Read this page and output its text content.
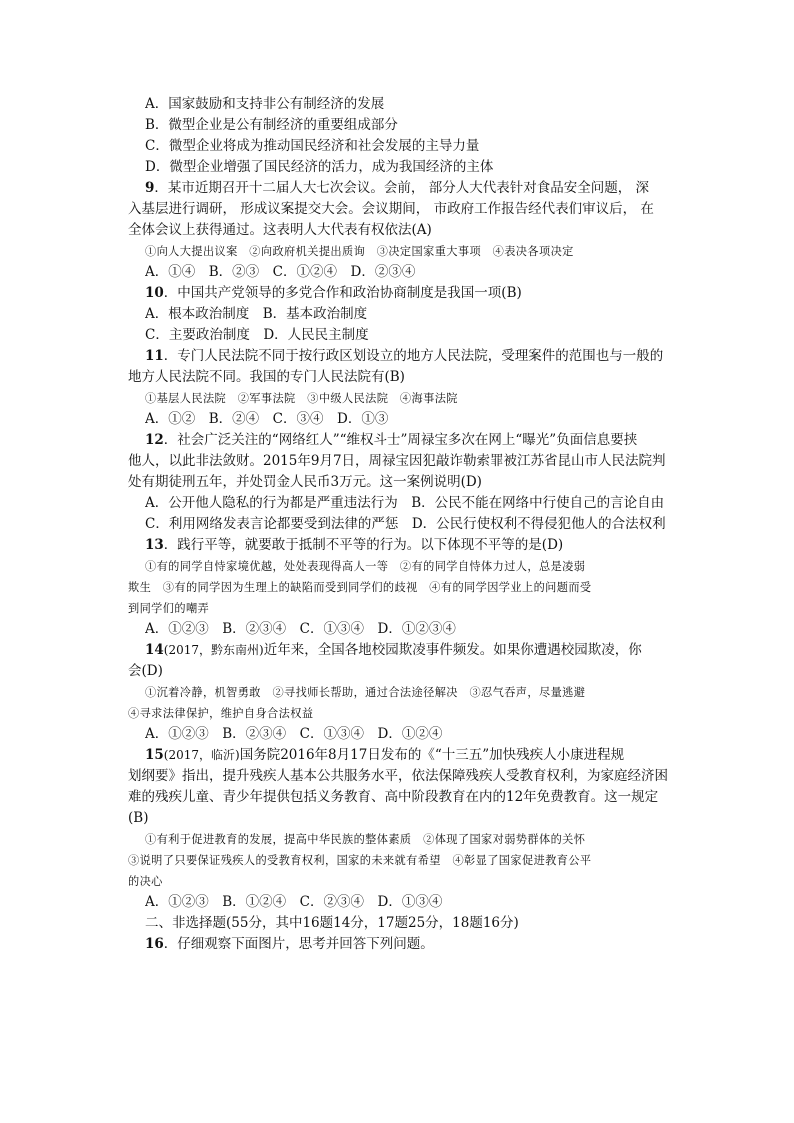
A．国家鼓励和支持非公有制经济的发展
B．微型企业是公有制经济的重要组成部分
C．微型企业将成为推动国民经济和社会发展的主导力量
D．微型企业增强了国民经济的活力，成为我国经济的主体
9．某市近期召开十二届人大七次会议。会前， 部分人大代表针对食品安全问题， 深
入基层进行调研， 形成议案提交大会。会议期间， 市政府工作报告经代表们审议后， 在
全体会议上获得通过。这表明人大代表有权依法(A)
①向人大提出议案　②向政府机关提出质询　③决定国家重大事项　④表决各项决定
A．①④　B．②③　C．①②④　D．②③④
10．中国共产党领导的多党合作和政治协商制度是我国一项(B)
A．根本政治制度　B．基本政治制度
C．主要政治制度　D．人民民主制度
11．专门人民法院不同于按行政区划设立的地方人民法院，受理案件的范围也与一般的
地方人民法院不同。我国的专门人民法院有(B)
①基层人民法院　②军事法院　③中级人民法院　④海事法院
A．①②　B．②④　C．③④　D．①③
12．社会广泛关注的“网络红人”“维权斗士”周禄宝多次在网上“曝光”负面信息要挟
他人，以此非法敛财。2015年9月7日，周禄宝因犯敲诈勒索罪被江苏省昆山市人民法院判
处有期徒刑五年，并处罚金人民币3万元。这一案例说明(D)
A．公开他人隐私的行为都是严重违法行为　B．公民不能在网络中行使自己的言论自由
C．利用网络发表言论都要受到法律的严惩　D．公民行使权利不得侵犯他人的合法权利
13．践行平等，就要敢于抵制不平等的行为。以下体现不平等的是(D)
①有的同学自恃家境优越，处处表现得高人一等　②有的同学自恃体力过人，总是凌弱
欺生　③有的同学因为生理上的缺陷而受到同学们的歧视　④有的同学因学业上的问题而受
到同学们的嘲弄
A．①②③　B．②③④　C．①③④　D．①②③④
14(2017，黔东南州)近年来，全国各地校园欺凌事件频发。如果你遭遇校园欺凌，你
会(D)
①沉着冷静，机智勇敢　②寻找师长帮助，通过合法途径解决　③忍气吞声，尽量逃避
④寻求法律保护，维护自身合法权益
A．①②③　B．②③④　C．①③④　D．①②④
15(2017，临沂)国务院2016年8月17日发布的《“十三五”加快残疾人小康进程规
划纲要》指出，提升残疾人基本公共服务水平，依法保障残疾人受教育权利，为家庭经济困
难的残疾儿童、青少年提供包括义务教育、高中阶段教育在内的12年免费教育。这一规定
(B)
①有利于促进教育的发展，提高中华民族的整体素质　②体现了国家对弱势群体的关怀
③说明了只要保证残疾人的受教育权利，国家的未来就有希望　④彰显了国家促进教育公平
的决心
A．①②③　B．①②④　C．②③④　D．①③④
二、非选择题(55分，其中16题14分，17题25分，18题16分)
16．仔细观察下面图片，思考并回答下列问题。
